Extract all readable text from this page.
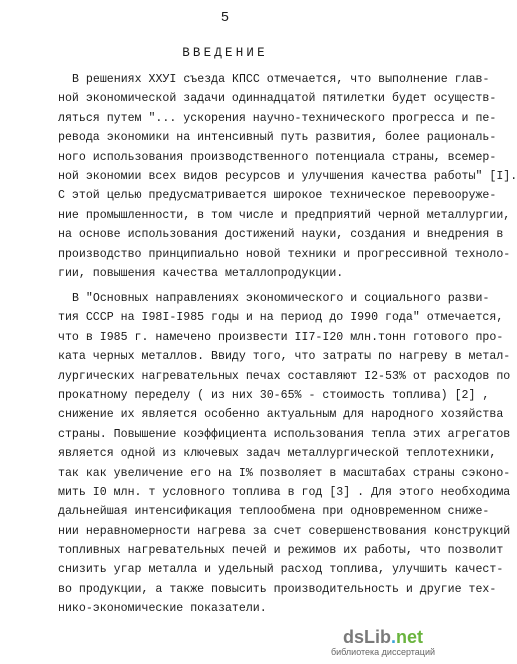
5
ВВЕДЕНИЕ
В решениях XXУI съезда КПСС отмечается, что выполнение глав-
ной экономической задачи одиннадцатой пятилетки будет осуществ-
ляться путем "... ускорения научно-технического прогресса и пе-
ревода экономики на интенсивный путь развития, более рациональ-
ного использования производственного потенциала страны, всемер-
ной экономии всех видов ресурсов и улучшения качества работы" [I].
С этой целью предусматривается широкое техническое перевооруже-
ние промышленности, в том числе и предприятий черной металлургии,
на основе использования достижений науки, создания и внедрения в
производство принципиально новой техники и прогрессивной техноло-
гии, повышения качества металлопродукции.
В "Основных направлениях экономического и социального разви-
тия СССР на I98I-I985 годы и на период до I990 года" отмечается,
что в I985 г. намечено произвести II7-I20 млн.тонн готового про-
ката черных металлов. Ввиду того, что затраты по нагреву в метал-
лургических нагревательных печах составляют I2-53% от расходов по
прокатному переделу ( из них 30-65% - стоимость топлива) [2] ,
снижение их является особенно актуальным для народного хозяйства
страны. Повышение коэффициента использования тепла этих агрегатов
является одной из ключевых задач металлургической теплотехники,
так как увеличение его на I% позволяет в масштабах страны сэконо-
мить I0 млн. т условного топлива в год [3] . Для этого необходима
дальнейшая интенсификация теплообмена при одновременном сниже-
нии неравномерности нагрева за счет совершенствования конструкций
топливных нагревательных печей и режимов их работы, что позволит
снизить угар металла и удельный расход топлива, улучшить качест-
во продукции, а также повысить производительность и другие тех-
нико-экономические показатели.
dsLib.net
библиотека диссертаций
